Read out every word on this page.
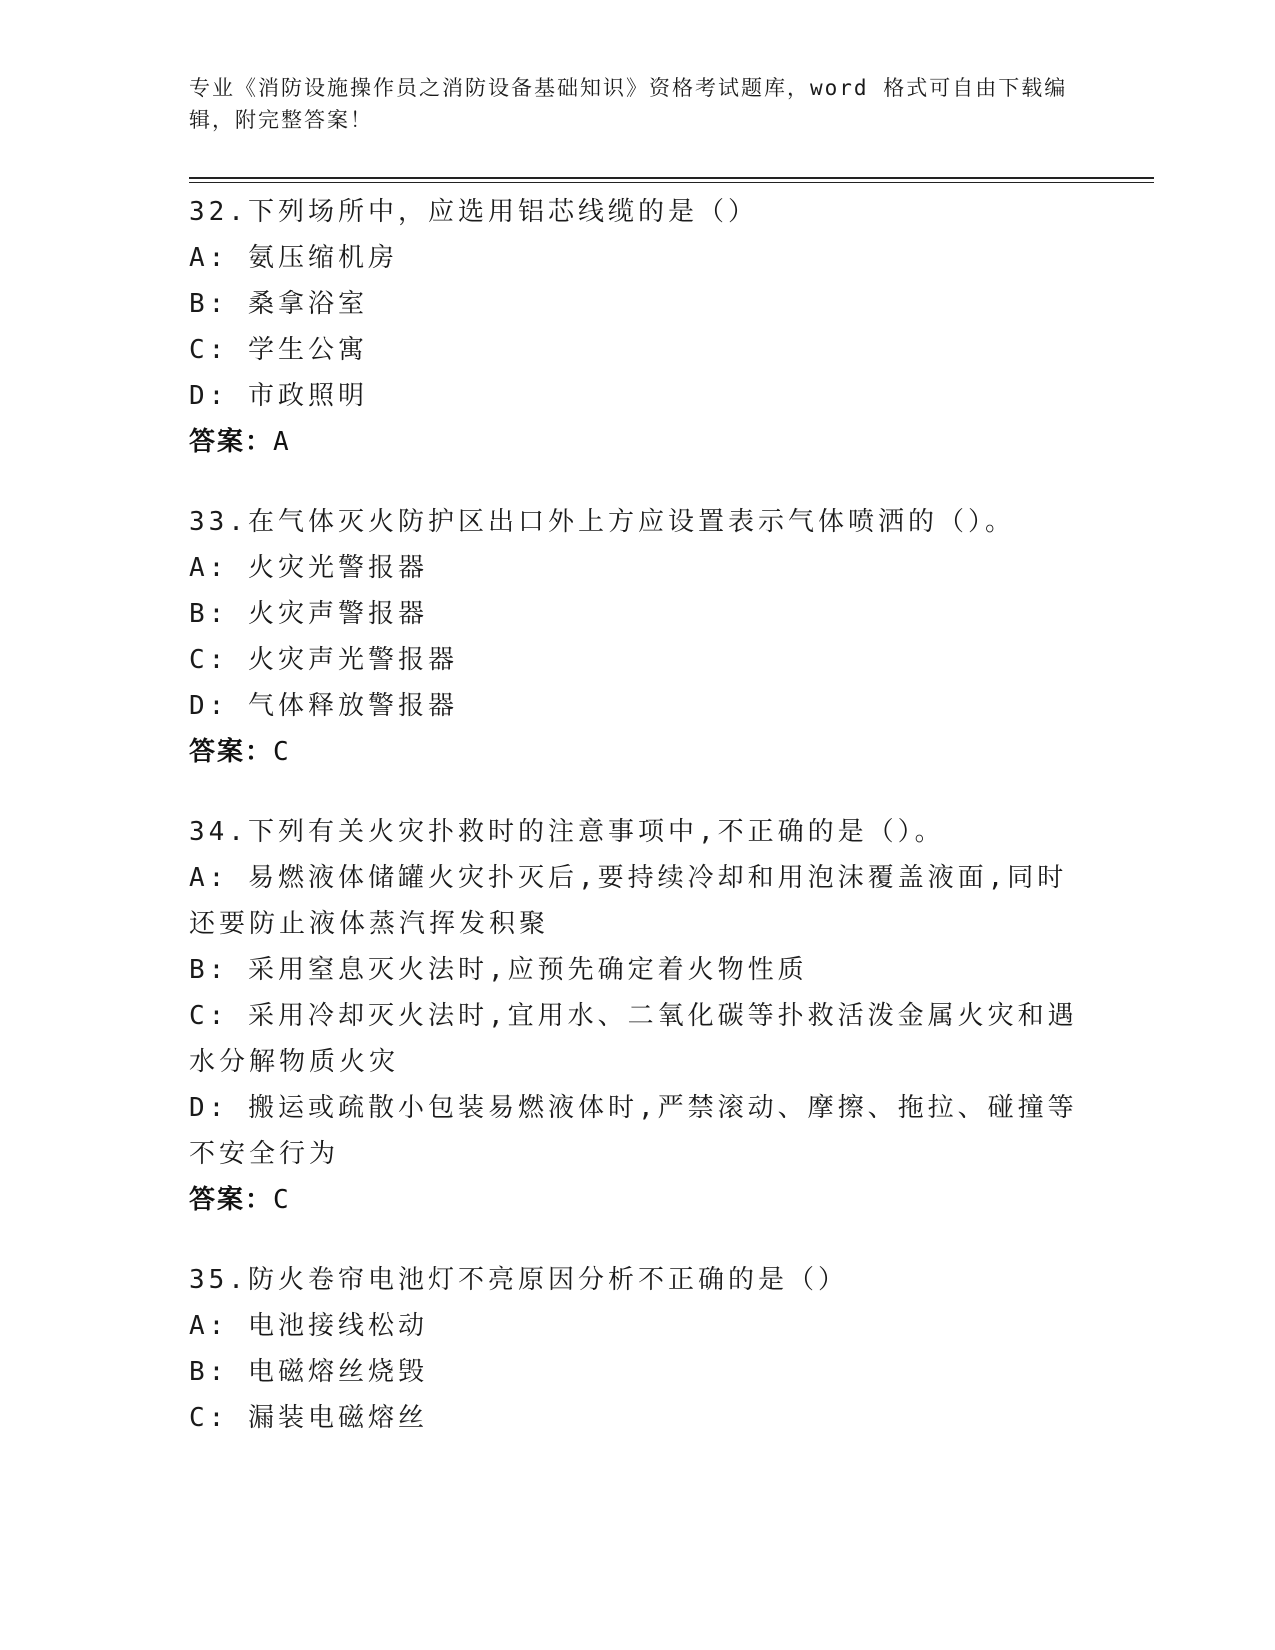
专业《消防设施操作员之消防设备基础知识》资格考试题库，word 格式可自由下载编辑，附完整答案！
32.下列场所中，应选用铝芯线缆的是（）
A: 氨压缩机房
B: 桑拿浴室
C: 学生公寓
D: 市政照明
答案：A
33.在气体灭火防护区出口外上方应设置表示气体喷洒的（）。
A: 火灾光警报器
B: 火灾声警报器
C: 火灾声光警报器
D: 气体释放警报器
答案：C
34.下列有关火灾扑救时的注意事项中,不正确的是（）。
A: 易燃液体储罐火灾扑灭后,要持续冷却和用泡沫覆盖液面,同时还要防止液体蒸汽挥发积聚
B: 采用窒息灭火法时,应预先确定着火物性质
C: 采用冷却灭火法时,宜用水、二氧化碳等扑救活泼金属火灾和遇水分解物质火灾
D: 搬运或疏散小包装易燃液体时,严禁滚动、摩擦、拖拉、碰撞等不安全行为
答案：C
35.防火卷帘电池灯不亮原因分析不正确的是（）
A: 电池接线松动
B: 电磁熔丝烧毁
C: 漏装电磁熔丝
